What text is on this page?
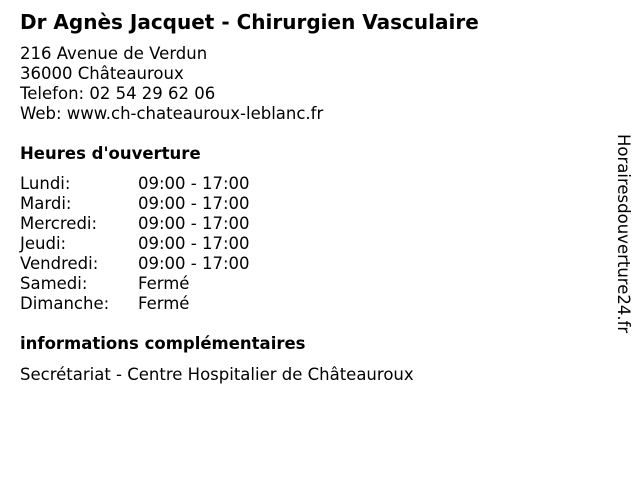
Dr Agnès Jacquet - Chirurgien Vasculaire
216 Avenue de Verdun
36000 Châteauroux
Telefon: 02 54 29 62 06
Web: www.ch-chateauroux-leblanc.fr
Heures d'ouverture
Lundi:	09:00 - 17:00
Mardi:	09:00 - 17:00
Mercredi: 09:00 - 17:00
Jeudi:	09:00 - 17:00
Vendredi: 09:00 - 17:00
Samedi:	Fermé
Dimanche: Fermé
informations complémentaires
Secrétariat - Centre Hospitalier de Châteauroux
Horairesdouverture24.fr
